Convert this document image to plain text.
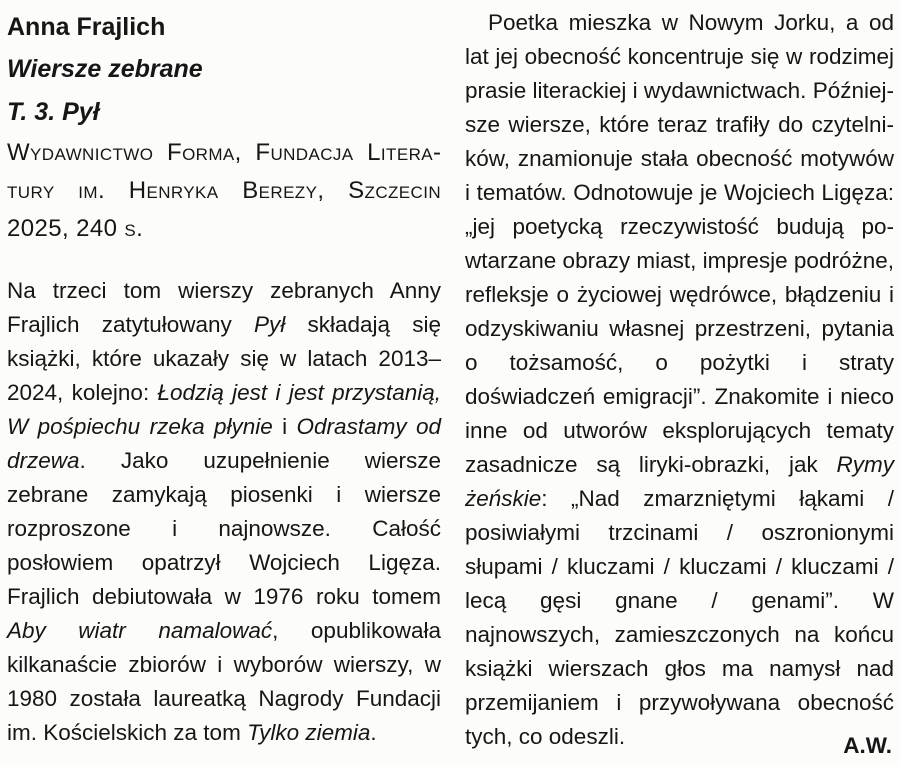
Anna Frajlich
Wiersze zebrane
T. 3. Pył
Wydawnictwo Forma, Fundacja Literatury im. Henryka Berezy, Szczecin 2025, 240 s.

Na trzeci tom wierszy zebranych Anny Frajlich zatytułowany Pył składają się książki, które ukazały się w latach 2013–2024, kolejno: Łodzią jest i jest przystanią, W pośpiechu rzeka płynie i Odrastamy od drzewa. Jako uzupełnienie wiersze zebrane zamykają piosenki i wiersze rozproszone i najnowsze. Całość posłowiem opatrzył Wojciech Ligęza. Frajlich debiutowała w 1976 roku tomem Aby wiatr namalować, opublikowała kilkanaście zbiorów i wyborów wierszy, w 1980 została laureatką Nagrody Fundacji im. Kościelskich za tom Tylko ziemia.

Poetka mieszka w Nowym Jorku, a od lat jej obecność koncentruje się w rodzimej prasie literackiej i wydawnictwach. Późniejsze wiersze, które teraz trafiły do czytelników, znamionuje stała obecność motywów i tematów. Odnotowuje je Wojciech Ligęza: „jej poetycką rzeczywistość budują powtarzane obrazy miast, impresje podróżne, refleksje o życiowej wędrówce, błądzeniu i odzyskiwaniu własnej przestrzeni, pytania o tożsamość, o pożytki i straty doświadczeń emigracji”. Znakomite i nieco inne od utworów eksplorujących tematy zasadnicze są liryki-obrazki, jak Rymy żeńskie: „Nad zmarzniętymi łąkami / posiwiałymi trzcinami / oszronionymi słupami / kluczami / kluczami / kluczami / lecą gęsi gnane / genami”. W najnowszych, zamieszczonych na końcu książki wierszach głos ma namysł nad przemijaniem i przywoływana obecność tych, co odeszli.	A.W.
